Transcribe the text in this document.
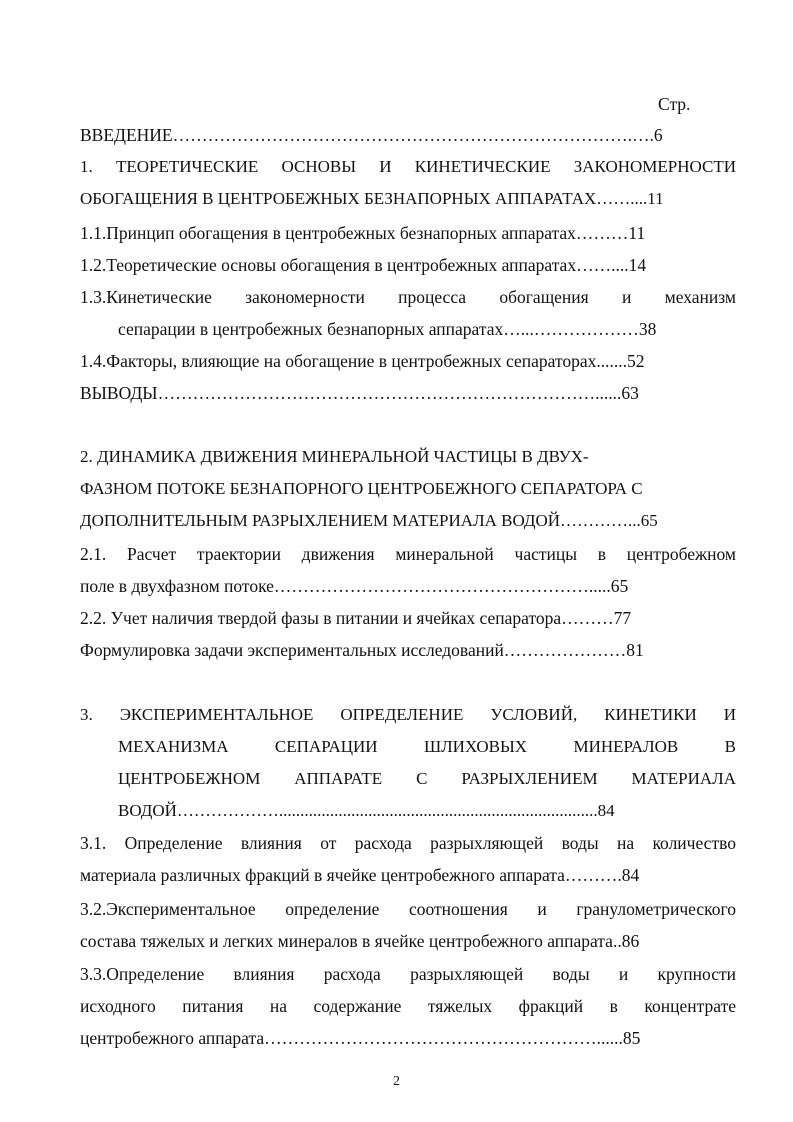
Стр.
ВВЕДЕНИЕ…………………………………………………………………….….6
1. ТЕОРЕТИЧЕСКИЕ ОСНОВЫ И КИНЕТИЧЕСКИЕ ЗАКОНОМЕРНОСТИ
ОБОГАЩЕНИЯ В ЦЕНТРОБЕЖНЫХ БЕЗНАПОРНЫХ АППАРАТАХ……....11
1.1.Принцип обогащения в центробежных безнапорных аппаратах………11
1.2.Теоретические основы обогащения в центробежных аппаратах……....14
1.3.Кинетические закономерности процесса обогащения и механизм
сепарации в центробежных безнапорных аппаратах…...………………38
1.4.Факторы, влияющие на обогащение в центробежных сепараторах.......52
ВЫВОДЫ…………………………………………………………………......63
2. ДИНАМИКА ДВИЖЕНИЯ МИНЕРАЛЬНОЙ ЧАСТИЦЫ В ДВУХ-
ФАЗНОМ ПОТОКЕ БЕЗНАПОРНОГО ЦЕНТРОБЕЖНОГО СЕПАРАТОРА С
ДОПОЛНИТЕЛЬНЫМ РАЗРЫХЛЕНИЕМ МАТЕРИАЛА ВОДОЙ…………...65
2.1. Расчет траектории движения минеральной частицы в центробежном
поле в двухфазном потоке……………………………………………….....65
2.2. Учет наличия твердой фазы в питании и ячейках сепаратора………77
Формулировка задачи экспериментальных исследований…………………81
3. ЭКСПЕРИМЕНТАЛЬНОЕ ОПРЕДЕЛЕНИЕ УСЛОВИЙ, КИНЕТИКИ И
МЕХАНИЗМА СЕПАРАЦИИ ШЛИХОВЫХ МИНЕРАЛОВ В
ЦЕНТРОБЕЖНОМ АППАРАТЕ С РАЗРЫХЛЕНИЕМ МАТЕРИАЛА
ВОДОЙ………………...........................................................................84
3.1. Определение влияния от расхода разрыхляющей воды на количество
материала различных фракций в ячейке центробежного аппарата……….84
3.2.Экспериментальное определение соотношения и гранулометрического
состава тяжелых и легких минералов в ячейке центробежного аппарата..86
3.3.Определение влияния расхода разрыхляющей воды и крупности
исходного питания на содержание тяжелых фракций в концентрате
центробежного аппарата…………………………………………………......85
2
